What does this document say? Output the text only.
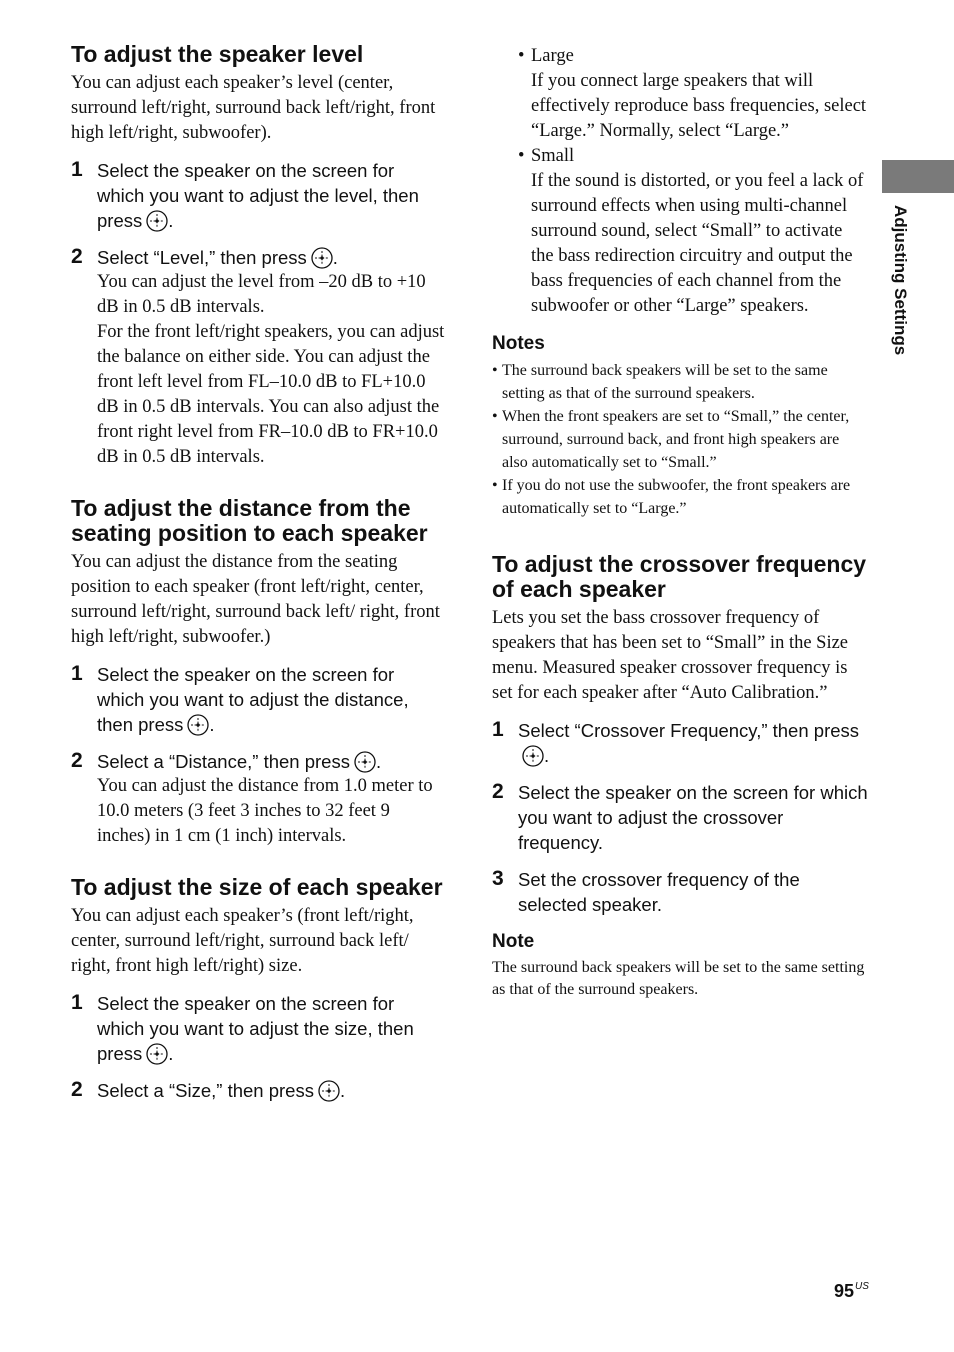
Adjusting Settings
To adjust the speaker level

You can adjust each speaker’s level (center, surround left/right, surround back left/right, front high left/right, subwoofer).

1 Select the speaker on the screen for which you want to adjust the level, then press .

2 Select “Level,” then press .

You can adjust the level from –20 dB to +10 dB in 0.5 dB intervals.

For the front left/right speakers, you can adjust the balance on either side. You can adjust the front left level from FL–10.0 dB to FL+10.0 dB in 0.5 dB intervals. You can also adjust the front right level from FR–10.0 dB to FR+10.0 dB in 0.5 dB intervals.

To adjust the distance from the seating position to each speaker

You can adjust the distance from the seating position to each speaker (front left/right, center, surround left/right, surround back left/ right, front high left/right, subwoofer.)

1 Select the speaker on the screen for which you want to adjust the distance, then press .

2 Select a “Distance,” then press .

You can adjust the distance from 1.0 meter to 10.0 meters (3 feet 3 inches to 32 feet 9 inches) in 1 cm (1 inch) intervals.

To adjust the size of each speaker

You can adjust each speaker’s (front left/right, center, surround left/right, surround back left/ right, front high left/right) size.

1 Select the speaker on the screen for which you want to adjust the size, then press .

2 Select a “Size,” then press .

• Large
If you connect large speakers that will effectively reproduce bass frequencies, select “Large.” Normally, select “Large.”
• Small
If the sound is distorted, or you feel a lack of surround effects when using multi-channel surround sound, select “Small” to activate the bass redirection circuitry and output the bass frequencies of each channel from the subwoofer or other “Large” speakers.
Notes
• The surround back speakers will be set to the same setting as that of the surround speakers.
• When the front speakers are set to “Small,” the center, surround, surround back, and front high speakers are also automatically set to “Small.”
• If you do not use the subwoofer, the front speakers are automatically set to “Large.”
To adjust the crossover frequency of each speaker

Lets you set the bass crossover frequency of speakers that has been set to “Small” in the Size menu. Measured speaker crossover frequency is set for each speaker after “Auto Calibration.”

1 Select “Crossover Frequency,” then press.

2 Select the speaker on the screen for which you want to adjust the crossover frequency.

3 Set the crossover frequency of the selected speaker.

Note

The surround back speakers will be set to the same setting as that of the surround speakers.

$95^{US}$
